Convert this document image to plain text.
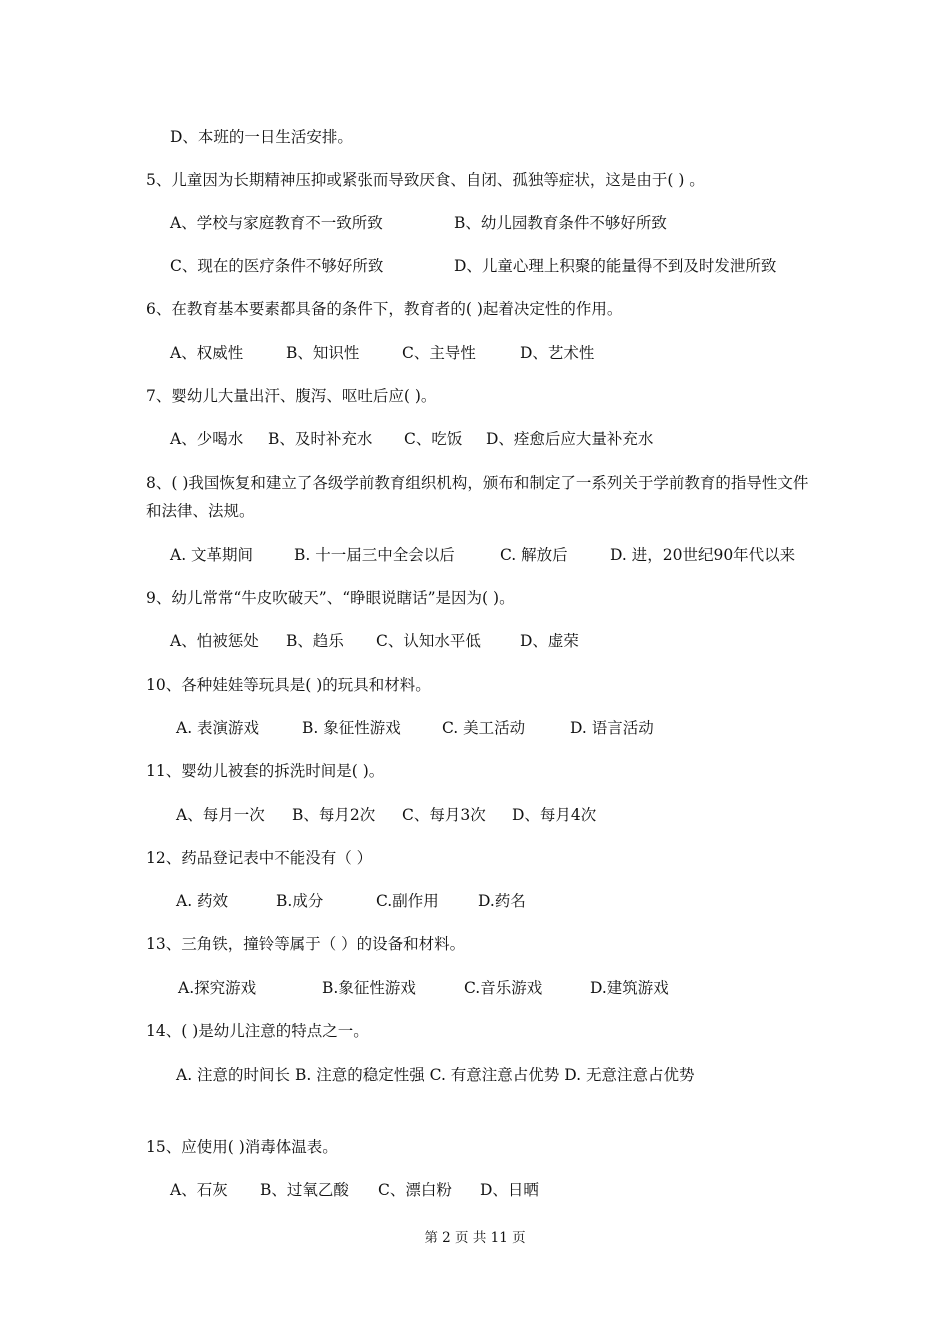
D、本班的一日生活安排。
5、儿童因为长期精神压抑或紧张而导致厌食、自闭、孤独等症状，这是由于( ) 。
A、学校与家庭教育不一致所致	B、幼儿园教育条件不够好所致
C、现在的医疗条件不够好所致	D、儿童心理上积聚的能量得不到及时发泄所致
6、在教育基本要素都具备的条件下，教育者的( )起着决定性的作用。
A、权威性	B、知识性	C、主导性	D、艺术性
7、婴幼儿大量出汗、腹泻、呕吐后应( )。
A、少喝水 B、及时补充水 C、吃饭 D、痊愈后应大量补充水
8、( )我国恢复和建立了各级学前教育组织机构，颁布和制定了一系列关于学前教育的指导性文件和法律、法规。
A. 文革期间	B. 十一届三中全会以后	C. 解放后	D. 进，20世纪90年代以来
9、幼儿常常“牛皮吹破天”、“睁眼说瞎话”是因为( )。
A、怕被惩处 B、趋乐 C、认知水平低	D、虚荣
10、各种娃娃等玩具是( )的玩具和材料。
A. 表演游戏	B. 象征性游戏	C. 美工活动	D. 语言活动
11、婴幼儿被套的拆洗时间是( )。
A、每月一次 B、每月2次 C、每月3次 D、每月4次
12、药品登记表中不能没有（ ）
A. 药效	B.成分	C.副作用	D.药名
13、三角铁，撞铃等属于（ ）的设备和材料。
A.探究游戏	B.象征性游戏	C.音乐游戏	D.建筑游戏
14、( )是幼儿注意的特点之一。
A. 注意的时间长 B. 注意的稳定性强 C. 有意注意占优势 D. 无意注意占优势
15、应使用( )消毒体温表。
A、石灰 B、过氧乙酸 C、漂白粉 D、日晒
第 2 页 共 11 页
